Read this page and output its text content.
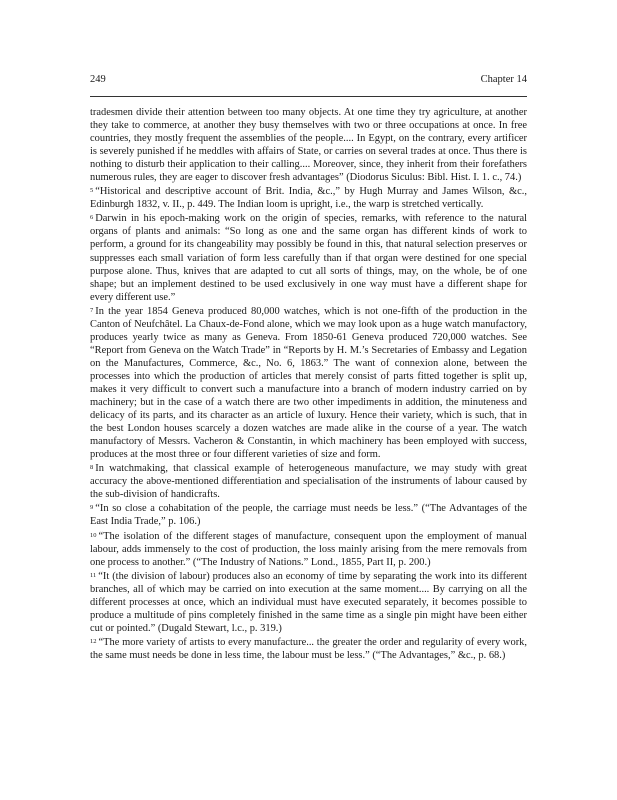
249	Chapter 14

tradesmen divide their attention between too many objects. At one time they try agriculture, at another they take to commerce, at another they busy themselves with two or three occupations at once. In free countries, they mostly frequent the assemblies of the people.... In Egypt, on the contrary, every artificer is severely punished if he meddles with affairs of State, or carries on several trades at once. Thus there is nothing to disturb their application to their calling.... Moreover, since, they inherit from their forefathers numerous rules, they are eager to discover fresh advantages” (Diodorus Siculus: Bibl. Hist. I. 1. c., 74.)

$^5$ “Historical and descriptive account of Brit. India, &c.,” by Hugh Murray and James Wilson, &c., Edinburgh 1832, v. II., p. 449. The Indian loom is upright, i.e., the warp is stretched vertically.

$^6$ Darwin in his epoch-making work on the origin of species, remarks, with reference to the natural organs of plants and animals: “So long as one and the same organ has different kinds of work to perform, a ground for its changeability may possibly be found in this, that natural selection preserves or suppresses each small variation of form less carefully than if that organ were destined for one special purpose alone. Thus, knives that are adapted to cut all sorts of things, may, on the whole, be of one shape; but an implement destined to be used exclusively in one way must have a different shape for every different use.”

$^7$ In the year 1854 Geneva produced 80,000 watches, which is not one-fifth of the production in the Canton of Neufchâtel. La Chaux-de-Fond alone, which we may look upon as a huge watch manufactory, produces yearly twice as many as Geneva. From 1850-61 Geneva produced 720,000 watches. See “Report from Geneva on the Watch Trade” in “Reports by H. M.’s Secretaries of Embassy and Legation on the Manufactures, Commerce, &c., No. 6, 1863.” The want of connexion alone, between the processes into which the production of articles that merely consist of parts fitted together is split up, makes it very difficult to convert such a manufacture into a branch of modern industry carried on by machinery; but in the case of a watch there are two other impediments in addition, the minuteness and delicacy of its parts, and its character as an article of luxury. Hence their variety, which is such, that in the best London houses scarcely a dozen watches are made alike in the course of a year. The watch manufactory of Messrs. Vacheron & Constantin, in which machinery has been employed with success, produces at the most three or four different varieties of size and form.

$^8$ In watchmaking, that classical example of heterogeneous manufacture, we may study with great accuracy the above-mentioned differentiation and specialisation of the instruments of labour caused by the sub-division of handicrafts.

$^9$ “In so close a cohabitation of the people, the carriage must needs be less.” (“The Advantages of the East India Trade,” p. 106.)

$^{10}$ “The isolation of the different stages of manufacture, consequent upon the employment of manual labour, adds immensely to the cost of production, the loss mainly arising from the mere removals from one process to another.” (“The Industry of Nations.” Lond., 1855, Part II, p. 200.)

$^{11}$ “It (the division of labour) produces also an economy of time by separating the work into its different branches, all of which may be carried on into execution at the same moment.... By carrying on all the different processes at once, which an individual must have executed separately, it becomes possible to produce a multitude of pins completely finished in the same time as a single pin might have been either cut or pointed.” (Dugald Stewart, l.c., p. 319.)

$^{12}$ “The more variety of artists to every manufacture... the greater the order and regularity of every work, the same must needs be done in less time, the labour must be less.” (“The Advantages,” &c., p. 68.)
